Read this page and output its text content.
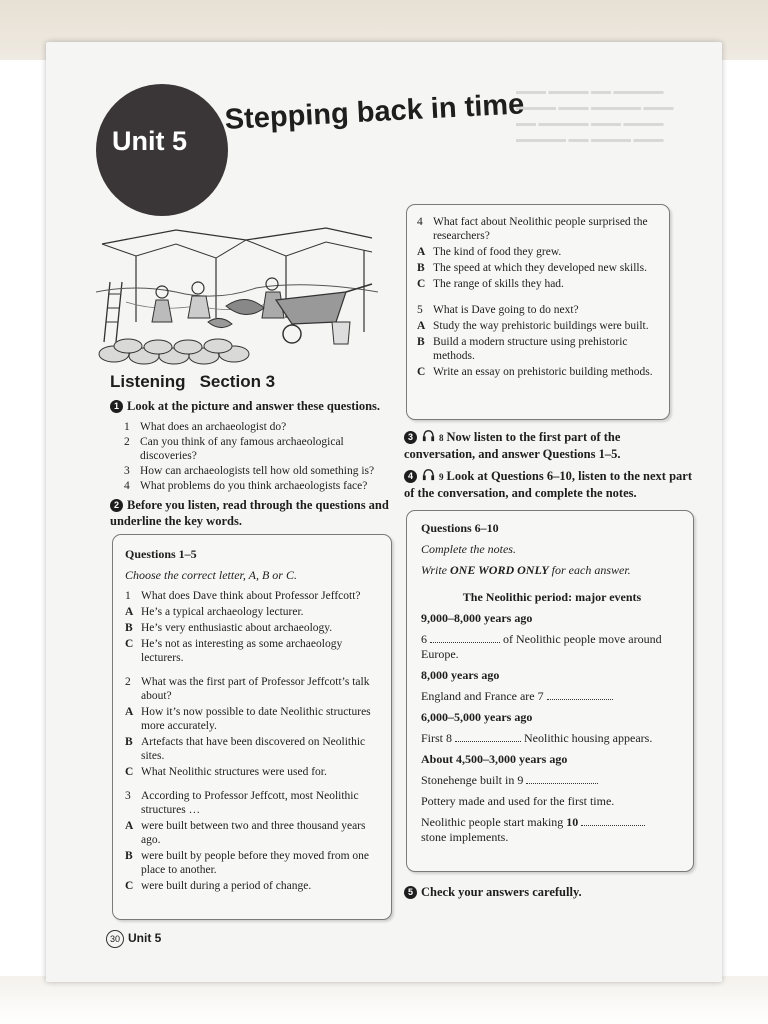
▬▬▬ ▬▬▬▬ ▬▬ ▬▬▬▬▬
▬▬▬▬ ▬▬▬ ▬▬▬▬▬ ▬▬▬
▬▬ ▬▬▬▬▬ ▬▬▬ ▬▬▬▬
▬▬▬▬▬ ▬▬ ▬▬▬▬ ▬▬▬
Unit 5
Stepping back in time
Listening Section 3
1 Look at the picture and answer these questions.
1 What does an archaeologist do?
2 Can you think of any famous archaeological discoveries?
3 How can archaeologists tell how old something is?
4 What problems do you think archaeologists face?
2 Before you listen, read through the questions and underline the key words.
Questions 1–5
Choose the correct letter, A, B or C.
1 What does Dave think about Professor Jeffcott?
A He’s a typical archaeology lecturer.
B He’s very enthusiastic about archaeology.
C He’s not as interesting as some archaeology lecturers.
2 What was the first part of Professor Jeffcott’s talk about?
A How it’s now possible to date Neolithic structures more accurately.
B Artefacts that have been discovered on Neolithic sites.
C What Neolithic structures were used for.
3 According to Professor Jeffcott, most Neolithic structures …
A were built between two and three thousand years ago.
B were built by people before they moved from one place to another.
C were built during a period of change.
4 What fact about Neolithic people surprised the researchers?
A The kind of food they grew.
B The speed at which they developed new skills.
C The range of skills they had.
5 What is Dave going to do next?
A Study the way prehistoric buildings were built.
B Build a modern structure using prehistoric methods.
C Write an essay on prehistoric building methods.
3	8 Now listen to the first part of the conversation, and answer Questions 1–5.
4	9 Look at Questions 6–10, listen to the next part of the conversation, and complete the notes.
Questions 6–10
Complete the notes.
Write ONE WORD ONLY for each answer.
The Neolithic period: major events
9,000–8,000 years ago
6	of Neolithic people move around Europe.
8,000 years ago
England and France are 7
6,000–5,000 years ago
First 8	Neolithic housing appears.
About 4,500–3,000 years ago
Stonehenge built in 9
Pottery made and used for the first time.
Neolithic people start making 10
stone implements.
5 Check your answers carefully.
30 Unit 5
